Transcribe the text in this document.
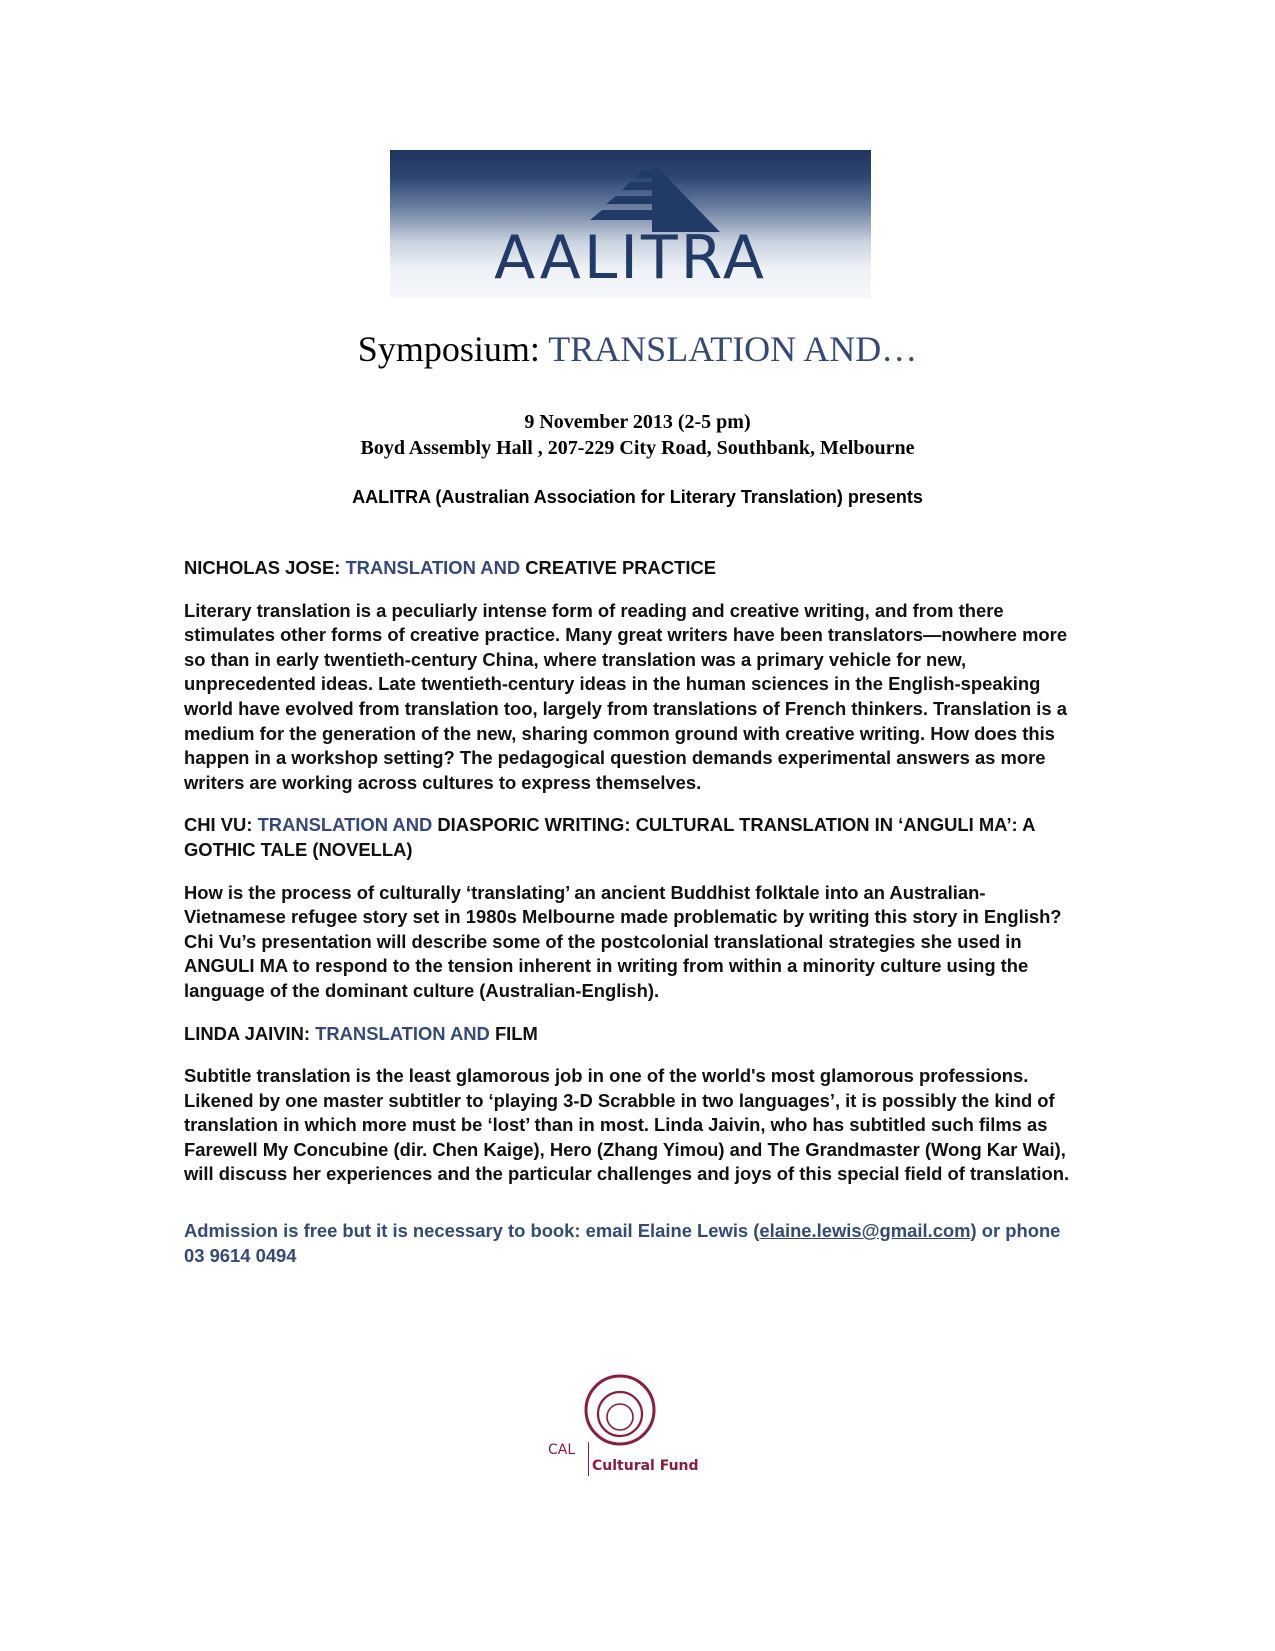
AALITRA
Symposium: TRANSLATION AND…
9 November 2013 (2-5 pm)
Boyd Assembly Hall , 207-229 City Road, Southbank, Melbourne
AALITRA (Australian Association for Literary Translation) presents
NICHOLAS JOSE: TRANSLATION AND CREATIVE PRACTICE

Literary translation is a peculiarly intense form of reading and creative writing, and from there stimulates other forms of creative practice. Many great writers have been translators—nowhere more so than in early twentieth-century China, where translation was a primary vehicle for new, unprecedented ideas. Late twentieth-century ideas in the human sciences in the English-speaking world have evolved from translation too, largely from translations of French thinkers. Translation is a medium for the generation of the new, sharing common ground with creative writing. How does this happen in a workshop setting? The pedagogical question demands experimental answers as more writers are working across cultures to express themselves.

CHI VU: TRANSLATION AND DIASPORIC WRITING: CULTURAL TRANSLATION IN ‘ANGULI MA’: A GOTHIC TALE (NOVELLA)

How is the process of culturally ‘translating’ an ancient Buddhist folktale into an Australian-Vietnamese refugee story set in 1980s Melbourne made problematic by writing this story in English? Chi Vu’s presentation will describe some of the postcolonial translational strategies she used in ANGULI MA to respond to the tension inherent in writing from within a minority culture using the language of the dominant culture (Australian-English).

LINDA JAIVIN: TRANSLATION AND FILM

Subtitle translation is the least glamorous job in one of the world's most glamorous professions. Likened by one master subtitler to ‘playing 3-D Scrabble in two languages’, it is possibly the kind of translation in which more must be ‘lost’ than in most. Linda Jaivin, who has subtitled such films as Farewell My Concubine (dir. Chen Kaige), Hero (Zhang Yimou) and The Grandmaster (Wong Kar Wai), will discuss her experiences and the particular challenges and joys of this special field of translation.

Admission is free but it is necessary to book: email Elaine Lewis (elaine.lewis@gmail.com) or phone 03 9614 0494

CAL
Cultural Fund
